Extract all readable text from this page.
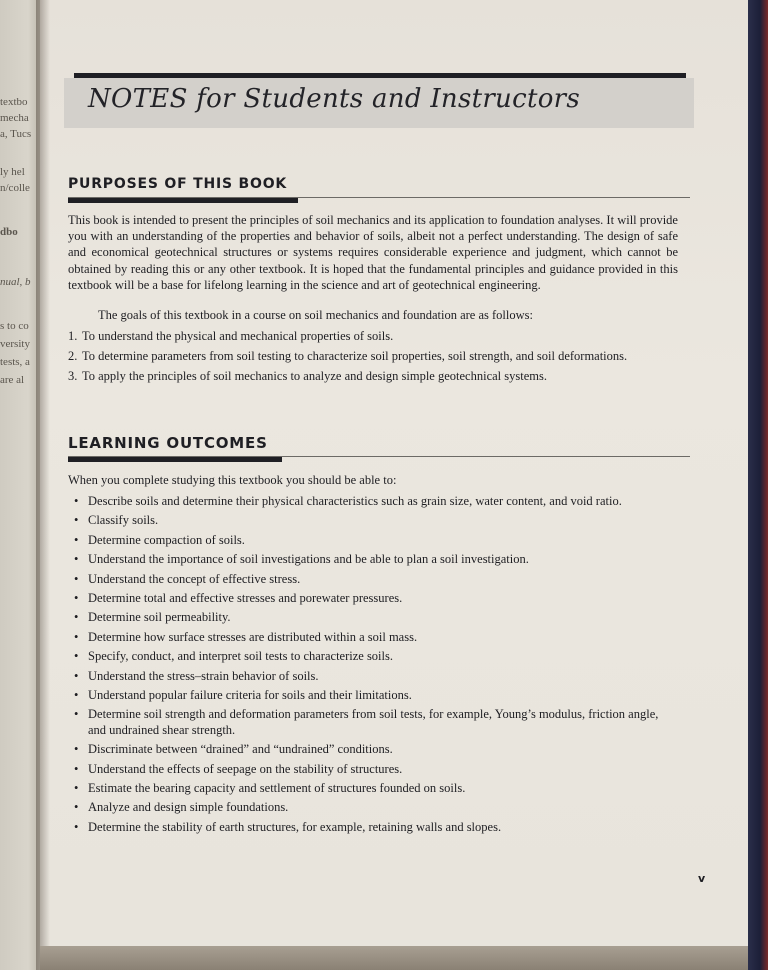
textbo
mecha
a, Tucs
ly hel
n/colle
dbo
nual, b
s to co
versity
tests, a
are al
NOTES for Students and Instructors
PURPOSES OF THIS BOOK

This book is intended to present the principles of soil mechanics and its application to foundation analyses. It will provide you with an understanding of the properties and behavior of soils, albeit not a perfect understanding. The design of safe and economical geotechnical structures or systems requires considerable experience and judgment, which cannot be obtained by reading this or any other textbook. It is hoped that the fundamental principles and guidance provided in this textbook will be a base for lifelong learning in the science and art of geotechnical engineering.

The goals of this textbook in a course on soil mechanics and foundation are as follows:

1. To understand the physical and mechanical properties of soils.
2. To determine parameters from soil testing to characterize soil properties, soil strength, and soil deformations.
3. To apply the principles of soil mechanics to analyze and design simple geotechnical systems.
LEARNING OUTCOMES

When you complete studying this textbook you should be able to:

• Describe soils and determine their physical characteristics such as grain size, water content, and void ratio.
• Classify soils.
• Determine compaction of soils.
• Understand the importance of soil investigations and be able to plan a soil investigation.
• Understand the concept of effective stress.
• Determine total and effective stresses and porewater pressures.
• Determine soil permeability.
• Determine how surface stresses are distributed within a soil mass.
• Specify, conduct, and interpret soil tests to characterize soils.
• Understand the stress–strain behavior of soils.
• Understand popular failure criteria for soils and their limitations.
• Determine soil strength and deformation parameters from soil tests, for example, Young’s modulus, friction angle, and undrained shear strength.
• Discriminate between “drained” and “undrained” conditions.
• Understand the effects of seepage on the stability of structures.
• Estimate the bearing capacity and settlement of structures founded on soils.
• Analyze and design simple foundations.
• Determine the stability of earth structures, for example, retaining walls and slopes.

v
